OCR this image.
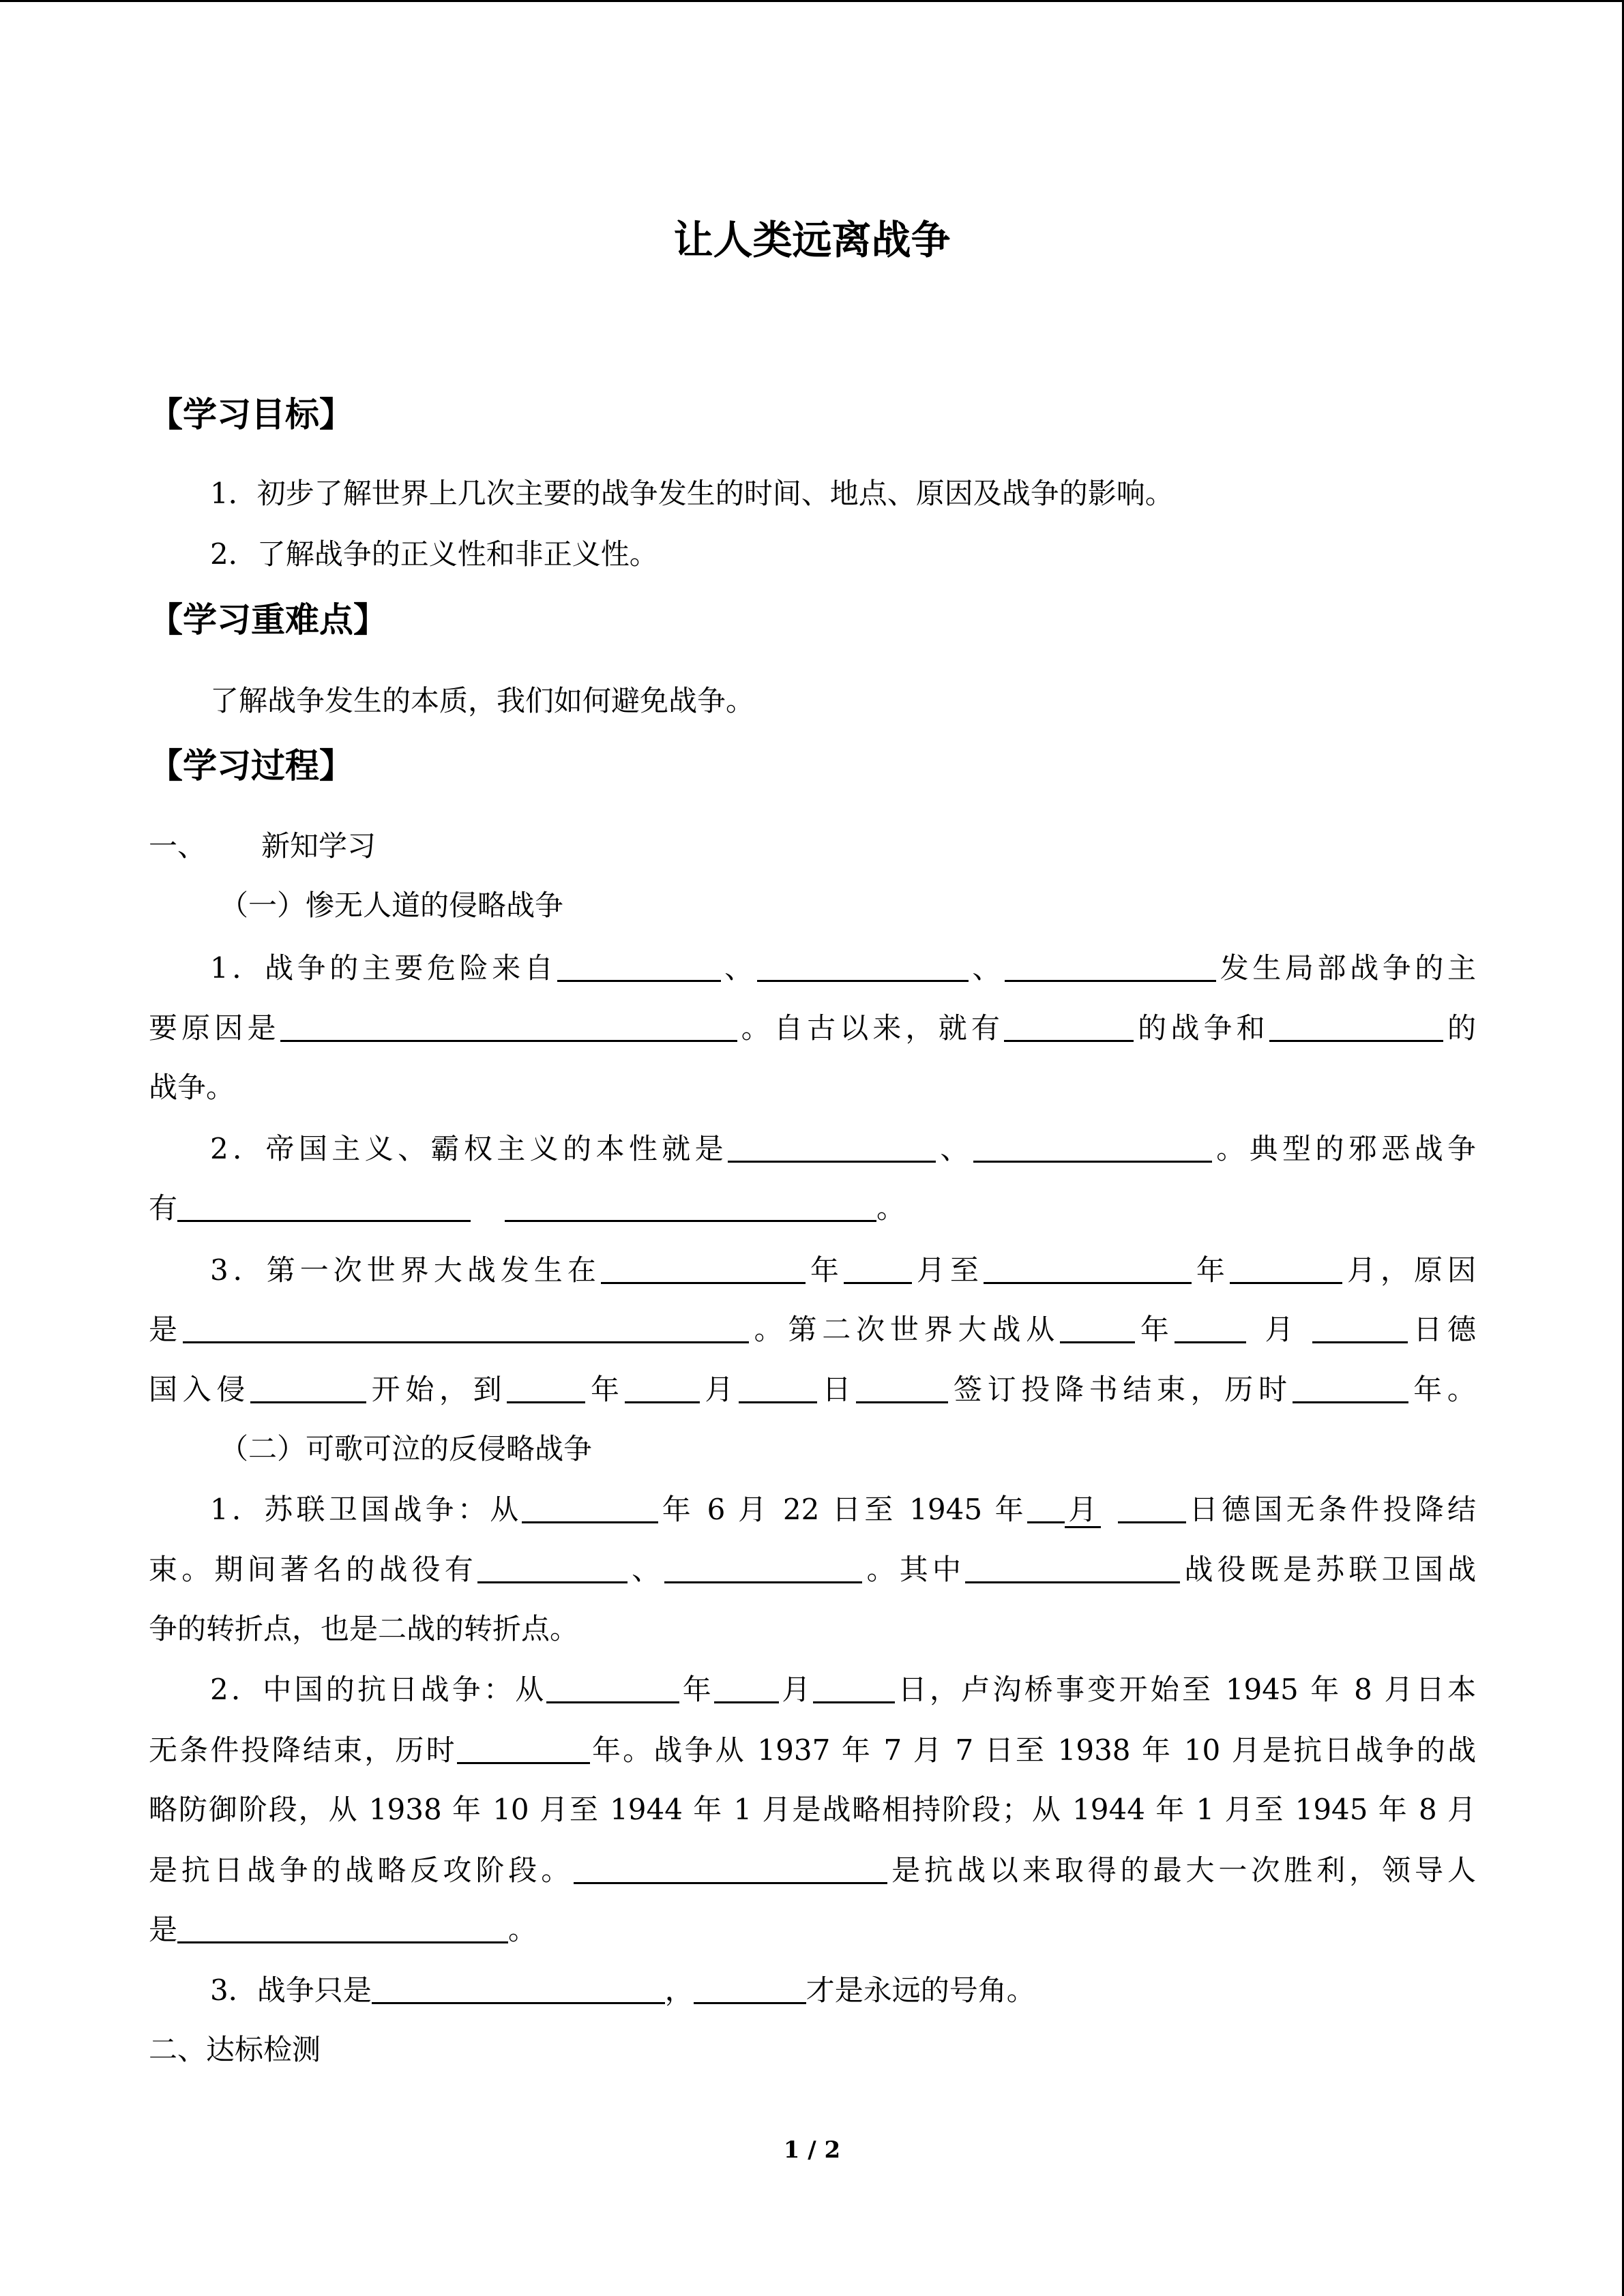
让人类远离战争
【学习目标】
1．初步了解世界上几次主要的战争发生的时间、地点、原因及战争的影响。
2．了解战争的正义性和非正义性。
【学习重难点】
了解战争发生的本质，我们如何避免战争。
【学习过程】
一、 新知学习
（一）惨无人道的侵略战争
1．战争的主要危险来自	、	、	发生局部战争的主
要原因是	。自古以来，就有	的战争和	的
战争。
2．帝国主义、霸权主义的本性就是	、	。典型的邪恶战争
有	。
3．第一次世界大战发生在	年 月至	年	月，原因
是	。第二次世界大战从	年	月	日德
国入侵	开始，到	年	月	日	签订投降书结束，历时	年。
（二）可歌可泣的反侵略战争
1．苏联卫国战争：从	年 6 月 22 日至 1945 年 月	日德国无条件投降结
束。期间著名的战役有	、	。其中	战役既是苏联卫国战
争的转折点，也是二战的转折点。
2．中国的抗日战争：从	年 月	日，卢沟桥事变开始至 1945 年 8 月日本
无条件投降结束，历时	年。战争从 1937 年 7 月 7 日至 1938 年 10 月是抗日战争的战
略防御阶段，从 1938 年 10 月至 1944 年 1 月是战略相持阶段；从 1944 年 1 月至 1945 年 8 月
是抗日战争的战略反攻阶段。	是抗战以来取得的最大一次胜利，领导人
是	。
3．战争只是	，	才是永远的号角。
二、达标检测
1 / 2
